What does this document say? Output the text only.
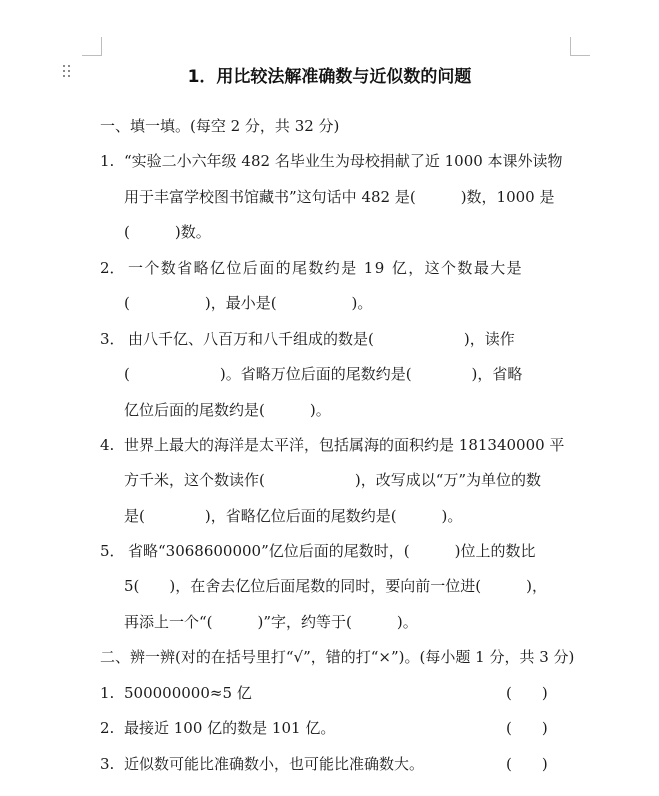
1．用比较法解准确数与近似数的问题
一、填一填。(每空 2 分，共 32 分)
1. “实验二小六年级 482 名毕业生为母校捐献了近 1000 本课外读物
用于丰富学校图书馆藏书”这句话中 482 是(　　　)数，1000 是
(　　　)数。
2． 一个数省略亿位后面的尾数约是 19 亿，这个数最大是
(　　　　　)，最小是(　　　　　)。
3． 由八千亿、八百万和八千组成的数是(　　　　　　)，读作
(　　　　　　)。省略万位后面的尾数约是(　　　　)，省略
亿位后面的尾数约是(　　　)。
4. 世界上最大的海洋是太平洋，包括属海的面积约是 181340000 平
方千米，这个数读作(　　　　　　)，改写成以“万”为单位的数
是(　　　　)，省略亿位后面的尾数约是(　　　)。
5． 省略“3068600000”亿位后面的尾数时，(　　　)位上的数比
5(　　)，在舍去亿位后面尾数的同时，要向前一位进(　　　)，
再添上一个“(　　　)”字，约等于(　　　)。
二、辨一辨(对的在括号里打“√”，错的打“×”)。(每小题 1 分，共 3 分)
1. 500000000≈5 亿	(　　)
2. 最接近 100 亿的数是 101 亿。	(　　)
3. 近似数可能比准确数小，也可能比准确数大。	(　　)
